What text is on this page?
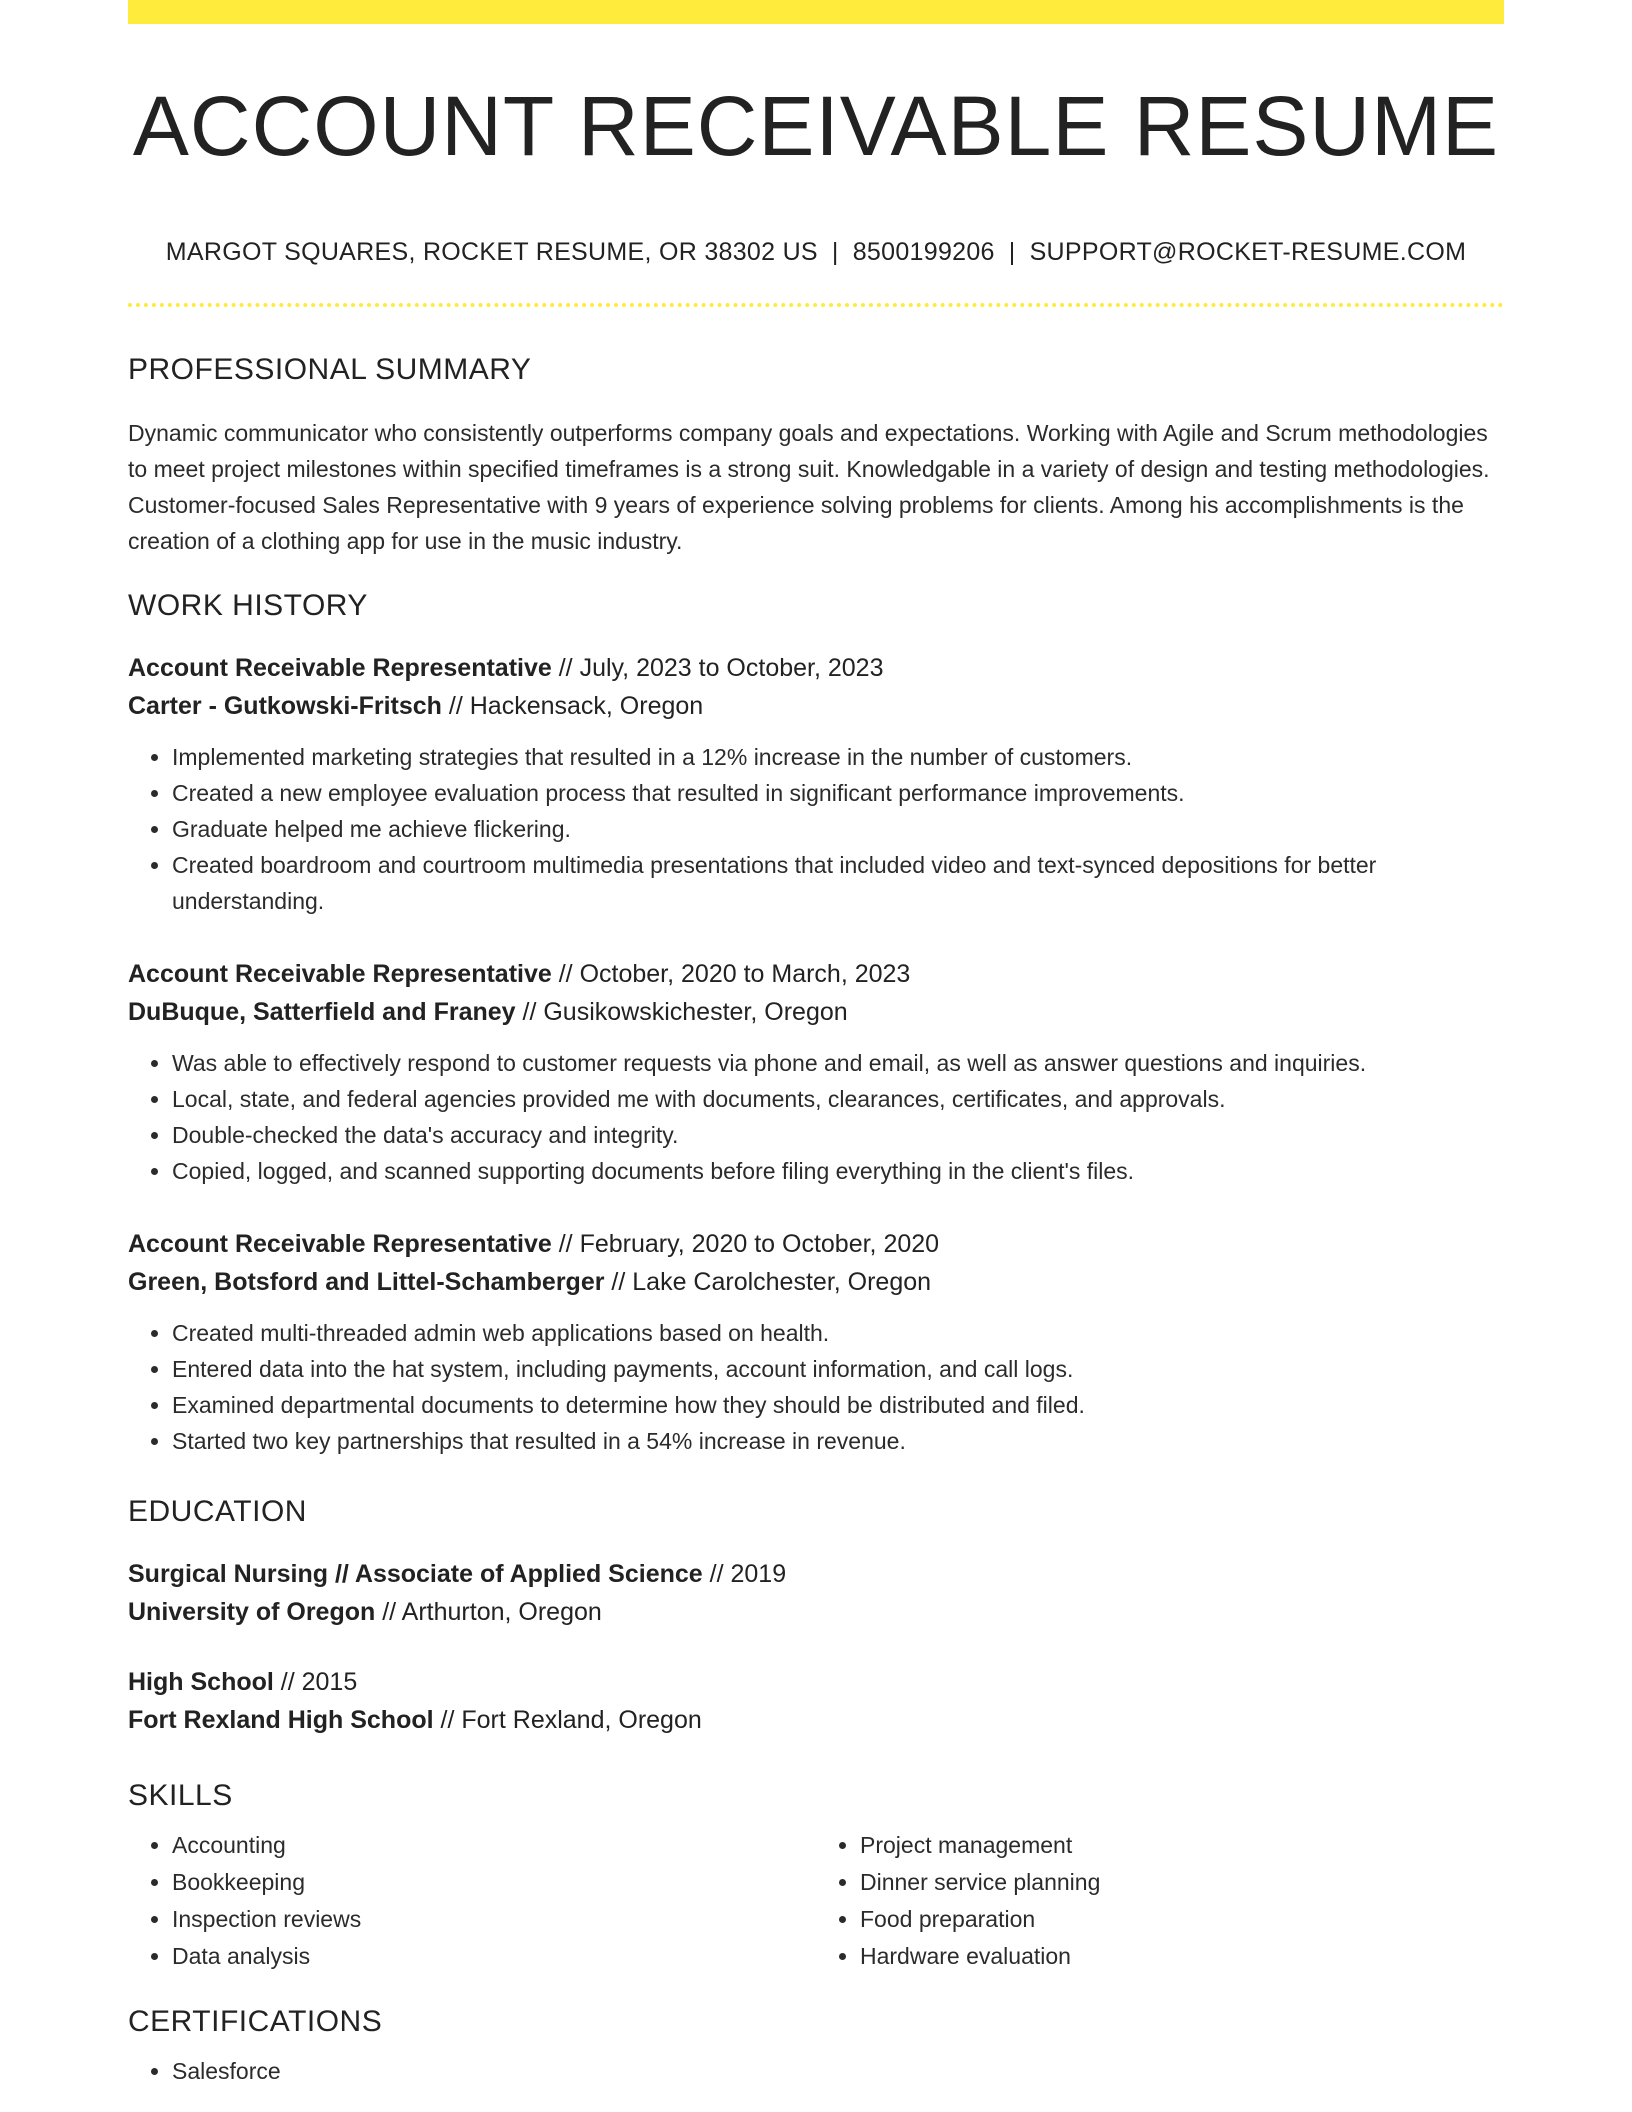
ACCOUNT RECEIVABLE RESUME
MARGOT SQUARES, ROCKET RESUME, OR 38302 US | 8500199206 | SUPPORT@ROCKET-RESUME.COM
PROFESSIONAL SUMMARY
Dynamic communicator who consistently outperforms company goals and expectations. Working with Agile and Scrum methodologies to meet project milestones within specified timeframes is a strong suit. Knowledgable in a variety of design and testing methodologies. Customer-focused Sales Representative with 9 years of experience solving problems for clients. Among his accomplishments is the creation of a clothing app for use in the music industry.
WORK HISTORY
Account Receivable Representative // July, 2023 to October, 2023
Carter - Gutkowski-Fritsch // Hackensack, Oregon
• Implemented marketing strategies that resulted in a 12% increase in the number of customers.
• Created a new employee evaluation process that resulted in significant performance improvements.
• Graduate helped me achieve flickering.
• Created boardroom and courtroom multimedia presentations that included video and text-synced depositions for better understanding.
Account Receivable Representative // October, 2020 to March, 2023
DuBuque, Satterfield and Franey // Gusikowskichester, Oregon
• Was able to effectively respond to customer requests via phone and email, as well as answer questions and inquiries.
• Local, state, and federal agencies provided me with documents, clearances, certificates, and approvals.
• Double-checked the data's accuracy and integrity.
• Copied, logged, and scanned supporting documents before filing everything in the client's files.
Account Receivable Representative // February, 2020 to October, 2020
Green, Botsford and Littel-Schamberger // Lake Carolchester, Oregon
• Created multi-threaded admin web applications based on health.
• Entered data into the hat system, including payments, account information, and call logs.
• Examined departmental documents to determine how they should be distributed and filed.
• Started two key partnerships that resulted in a 54% increase in revenue.
EDUCATION
Surgical Nursing // Associate of Applied Science // 2019
University of Oregon // Arthurton, Oregon
High School // 2015
Fort Rexland High School // Fort Rexland, Oregon
SKILLS
• Accounting
• Bookkeeping
• Inspection reviews
• Data analysis
• Project management
• Dinner service planning
• Food preparation
• Hardware evaluation
CERTIFICATIONS
• Salesforce
